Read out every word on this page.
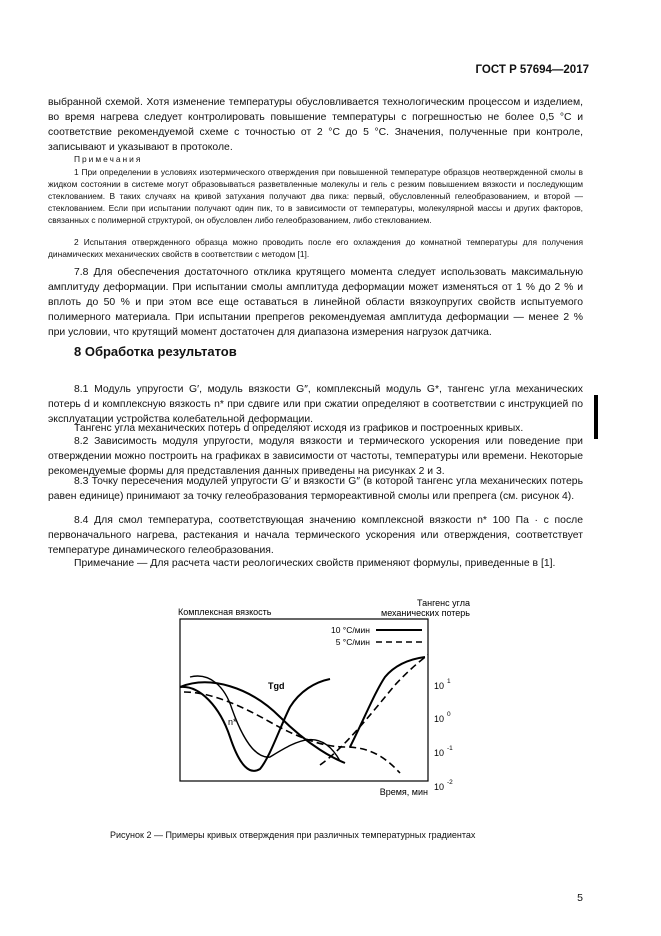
ГОСТ Р 57694—2017

выбранной схемой. Хотя изменение температуры обусловливается технологическим процессом и изделием, во время нагрева следует контролировать повышение температуры с погрешностью не более 0,5 °С и соответствие рекомендуемой схеме с точностью от 2 °С до 5 °С. Значения, полученные при контроле, записывают и указывают в протоколе.

Примечания

1 При определении в условиях изотермического отверждения при повышенной температуре образцов неотвержденной смолы в жидком состоянии в системе могут образовываться разветвленные молекулы и гель с резким повышением вязкости и последующим стеклованием. В таких случаях на кривой затухания получают два пика: первый, обусловленный гелеобразованием, и второй — стеклованием. Если при испытании получают один пик, то в зависимости от температуры, молекулярной массы и других факторов, связанных с полимерной структурой, он обусловлен либо гелеобразованием, либо стеклованием.

2 Испытания отвержденного образца можно проводить после его охлаждения до комнатной температуры для получения динамических механических свойств в соответствии с методом [1].

7.8 Для обеспечения достаточного отклика крутящего момента следует использовать максимальную амплитуду деформации. При испытании смолы амплитуда деформации может изменяться от 1 % до 2 % и вплоть до 50 % и при этом все еще оставаться в линейной области вязкоупругих свойств испытуемого полимерного материала. При испытании препрегов рекомендуемая амплитуда деформации — менее 2 % при условии, что крутящий момент достаточен для диапазона измерения нагрузок датчика.

8 Обработка результатов

8.1 Модуль упругости G′, модуль вязкости G″, комплексный модуль G*, тангенс угла механических потерь d и комплексную вязкость n* при сдвиге или при сжатии определяют в соответствии с инструкцией по эксплуатации устройства колебательной деформации.

Тангенс угла механических потерь d определяют исходя из графиков и построенных кривых.

8.2 Зависимость модуля упругости, модуля вязкости и термического ускорения или поведение при отверждении можно построить на графиках в зависимости от частоты, температуры или времени. Некоторые рекомендуемые формы для представления данных приведены на рисунках 2 и 3.

8.3 Точку пересечения модулей упругости G′ и вязкости G″ (в которой тангенс угла механических потерь равен единице) принимают за точку гелеобразования термореактивной смолы или препрега (см. рисунок 4).

8.4 Для смол температура, соответствующая значению комплексной вязкости n* 100 Па · с после первоначального нагрева, растекания и начала термического ускорения или отверждения, соответствует температуре динамического гелеобразования.

Примечание — Для расчета части реологических свойств применяют формулы, приведенные в [1].

Комплексная вязкость
Тангенс угла
механических потерь
10 °С/мин
5 °С/мин
10 1
10 0
10 -1
10 -2
Tgd
n*
Время, мин

Рисунок 2 — Примеры кривых отверждения при различных температурных градиентах

5
